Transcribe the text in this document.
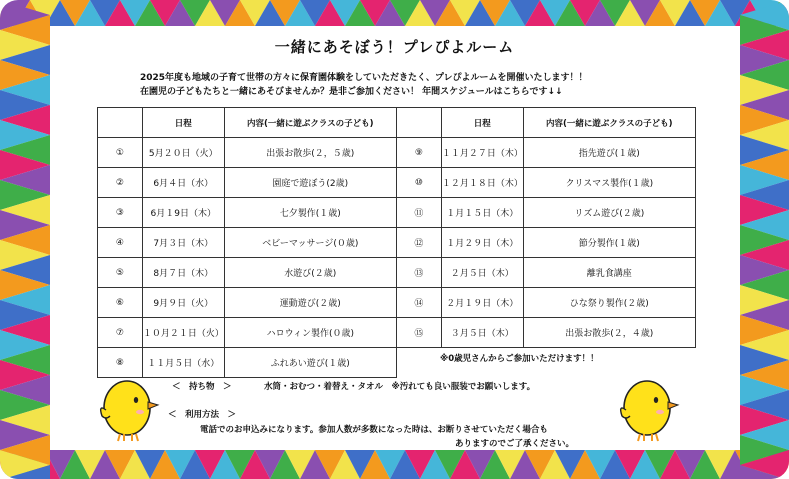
一緒にあそぼう！プレぴよルーム
2025年度も地域の子育て世帯の方々に保育園体験をしていただきたく、プレぴよルームを開催いたします！！
在園児の子どもたちと一緒にあそびませんか？是非ご参加ください！ 年間スケジュールはこちらです↓↓
	日程	内容(一緒に遊ぶクラスの子ども)
①	5月２０日（火）	出張お散歩(２，５歳)
②	6月４日（水）	園庭で遊ぼう(2歳)
③	6月１9日（木）	七夕製作(１歳)
④	7月３日（木）	ベビーマッサージ(０歳)
⑤	8月７日（木）	水遊び(２歳)
⑥	9月９日（火）	運動遊び(２歳)
⑦	１０月２１日（火）	ハロウィン製作(０歳)
⑧	１１月５日（水）	ふれあい遊び(１歳)
	日程	内容(一緒に遊ぶクラスの子ども)
⑨	１１月２７日（木）	指先遊び(１歳)
⑩	１２月１８日（木）	クリスマス製作(１歳)
⑪	１月１５日（木）	リズム遊び(２歳)
⑫	１月２９日（木）	節分製作(１歳)
⑬	２月５日（木）	離乳食講座
⑭	２月１９日（木）	ひな祭り製作(２歳)
⑮	３月５日（木）	出張お散歩(２，４歳)
※0歳児さんからご参加いただけます！！
＜　持ち物　＞	水筒・おむつ・着替え・タオル　※汚れても良い服装でお願いします。
＜　利用方法　＞
電話でのお申込みになります。参加人数が多数になった時は、お断りさせていただく場合も
ありますのでご了承ください。
